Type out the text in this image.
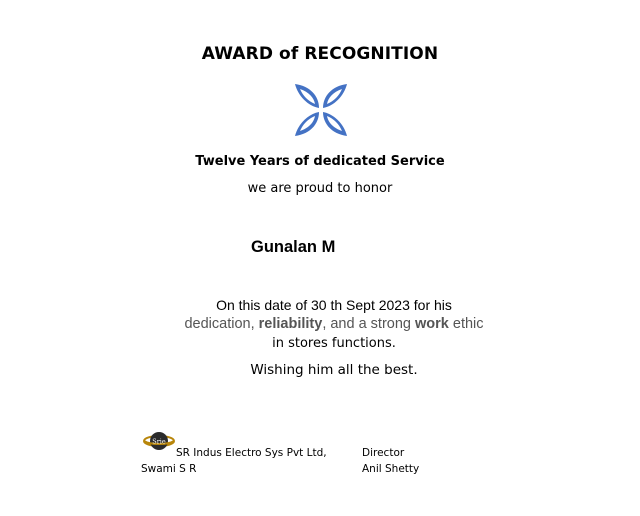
AWARD of RECOGNITION
Twelve Years of dedicated Service
we are proud to honor
Gunalan M
On this date of 30 th Sept 2023 for his
dedication, reliability, and a strong work ethic
in stores functions.
Wishing him all the best.
Srie
SR Indus Electro Sys Pvt Ltd,
Swami S R
Director
Anil Shetty
